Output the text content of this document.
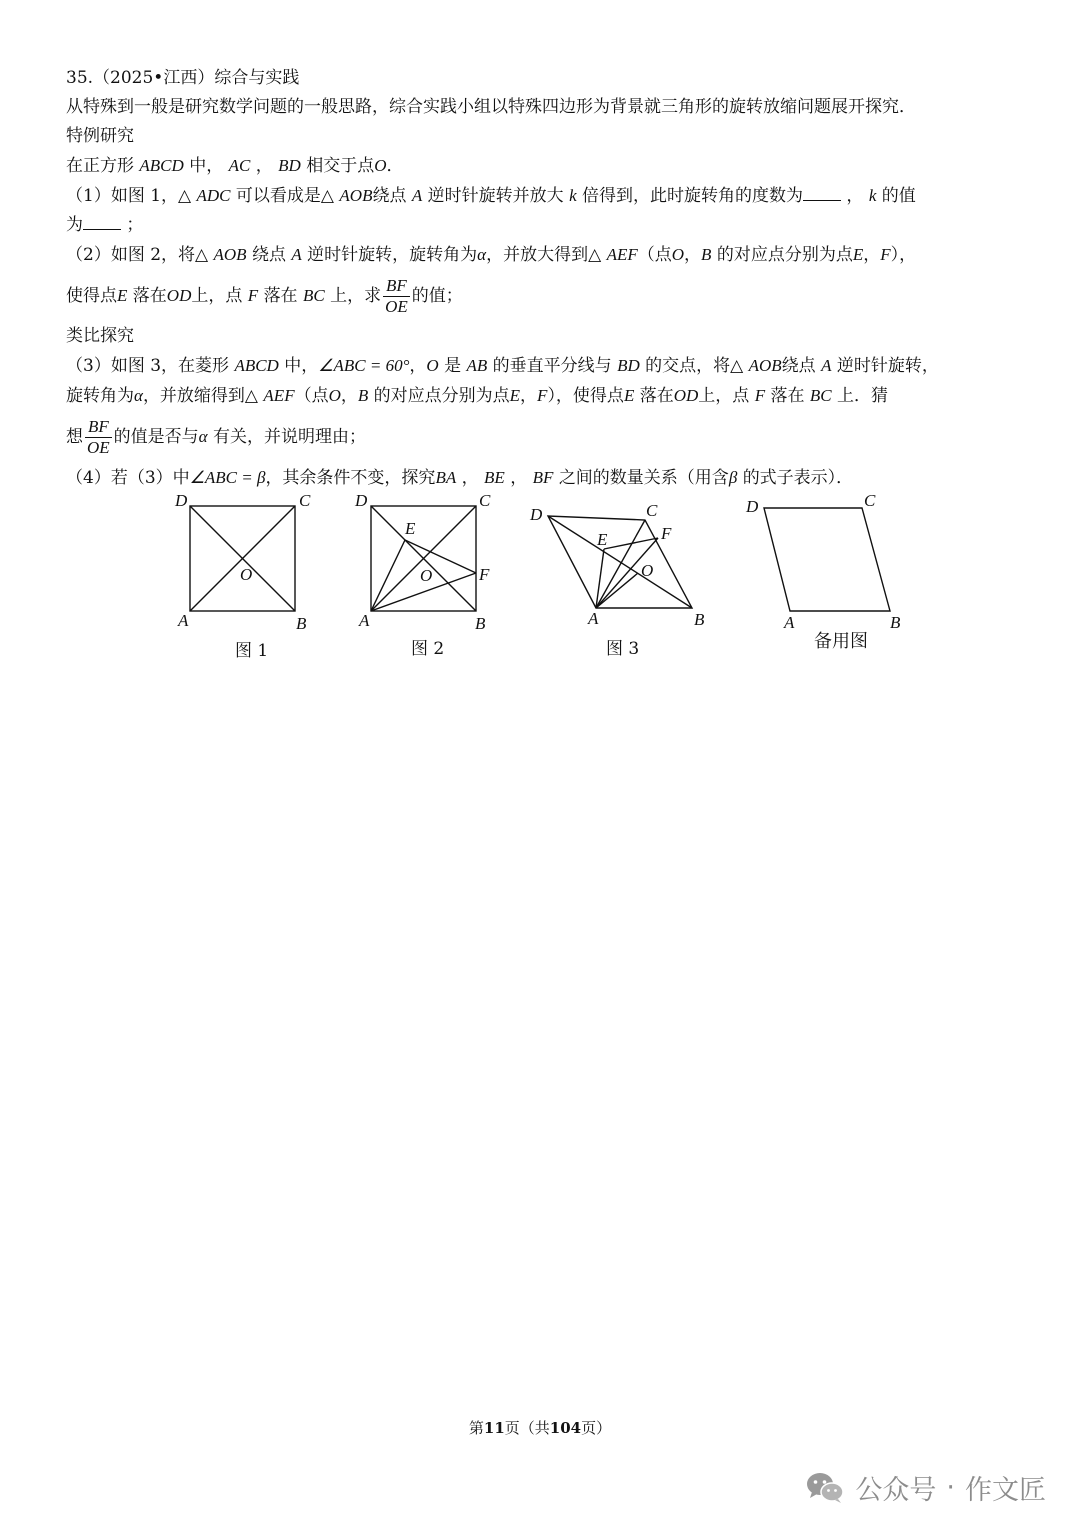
35.（2025•江西）综合与实践
从特殊到一般是研究数学问题的一般思路，综合实践小组以特殊四边形为背景就三角形的旋转放缩问题展开探究．
特例研究
在正方形 ABCD 中， AC ， BD 相交于点O．
（1）如图 1，△ ADC 可以看成是△ AOB绕点 A 逆时针旋转并放大 k 倍得到，此时旋转角的度数为	， k 的值
为	；
（2）如图 2，将△ AOB 绕点 A 逆时针旋转，旋转角为α，并放大得到△ AEF（点O，B 的对应点分别为点E，F），
使得点E 落在OD上，点 F 落在 BC 上，求 $\frac{BF}{OE}$ 的值；
类比探究
（3）如图 3，在菱形 ABCD 中，∠ABC = 60°，O 是 AB 的垂直平分线与 BD 的交点，将△ AOB绕点 A 逆时针旋转，
旋转角为α，并放缩得到△ AEF（点O，B 的对应点分别为点E，F），使得点E 落在OD上，点 F 落在 BC 上．猜
想 $\frac{BF}{OE}$ 的值是否与α 有关，并说明理由；
（4）若（3）中∠ABC = β，其余条件不变，探究BA ， BE ， BF 之间的数量关系（用含β 的式子表示）．
D	C
O
A	B
图 1
D	C
E
O	F
A	B
图 2
D	C
E	F
O
A	B
图 3
D	C
A	B
备用图
第11页（共104页）
公众号 · 作文匠
